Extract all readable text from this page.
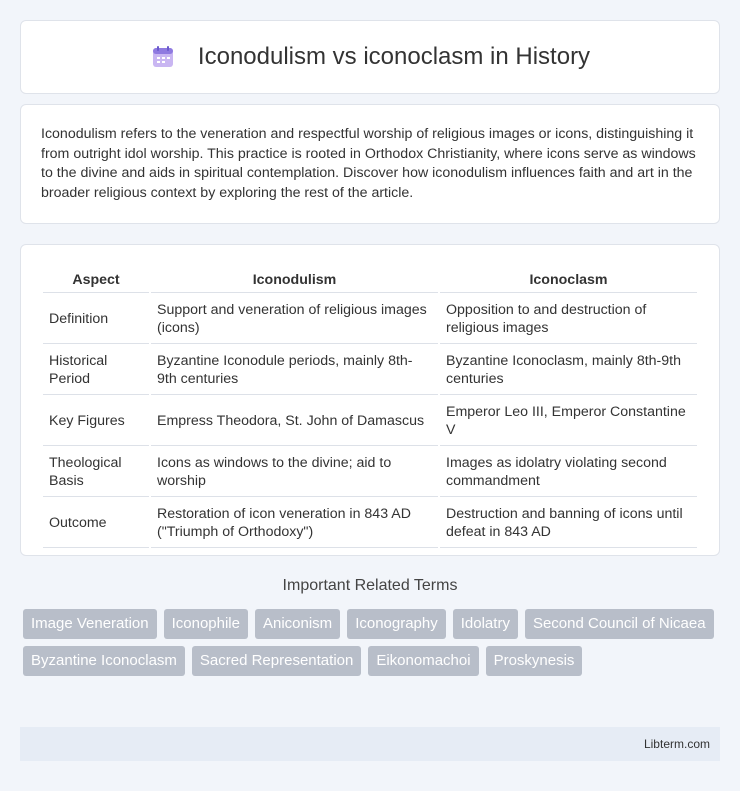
Iconodulism vs iconoclasm in History

Iconodulism refers to the veneration and respectful worship of religious images or icons, distinguishing it from outright idol worship. This practice is rooted in Orthodox Christianity, where icons serve as windows to the divine and aids in spiritual contemplation. Discover how iconodulism influences faith and art in the broader religious context by exploring the rest of the article.

Aspect	Iconodulism	Iconoclasm
Definition	Support and veneration of religious images (icons)	Opposition to and destruction of religious images
Historical Period	Byzantine Iconodule periods, mainly 8th-9th centuries	Byzantine Iconoclasm, mainly 8th-9th centuries
Key Figures	Empress Theodora, St. John of Damascus	Emperor Leo III, Emperor Constantine V
Theological Basis	Icons as windows to the divine; aid to worship	Images as idolatry violating second commandment
Outcome	Restoration of icon veneration in 843 AD ("Triumph of Orthodoxy")	Destruction and banning of icons until defeat in 843 AD
Important Related Terms
Image Veneration	Iconophile	Aniconism	Iconography	Idolatry	Second Council of Nicaea
Byzantine Iconoclasm	Sacred Representation	Eikonomachoi	Proskynesis
Libterm.com
